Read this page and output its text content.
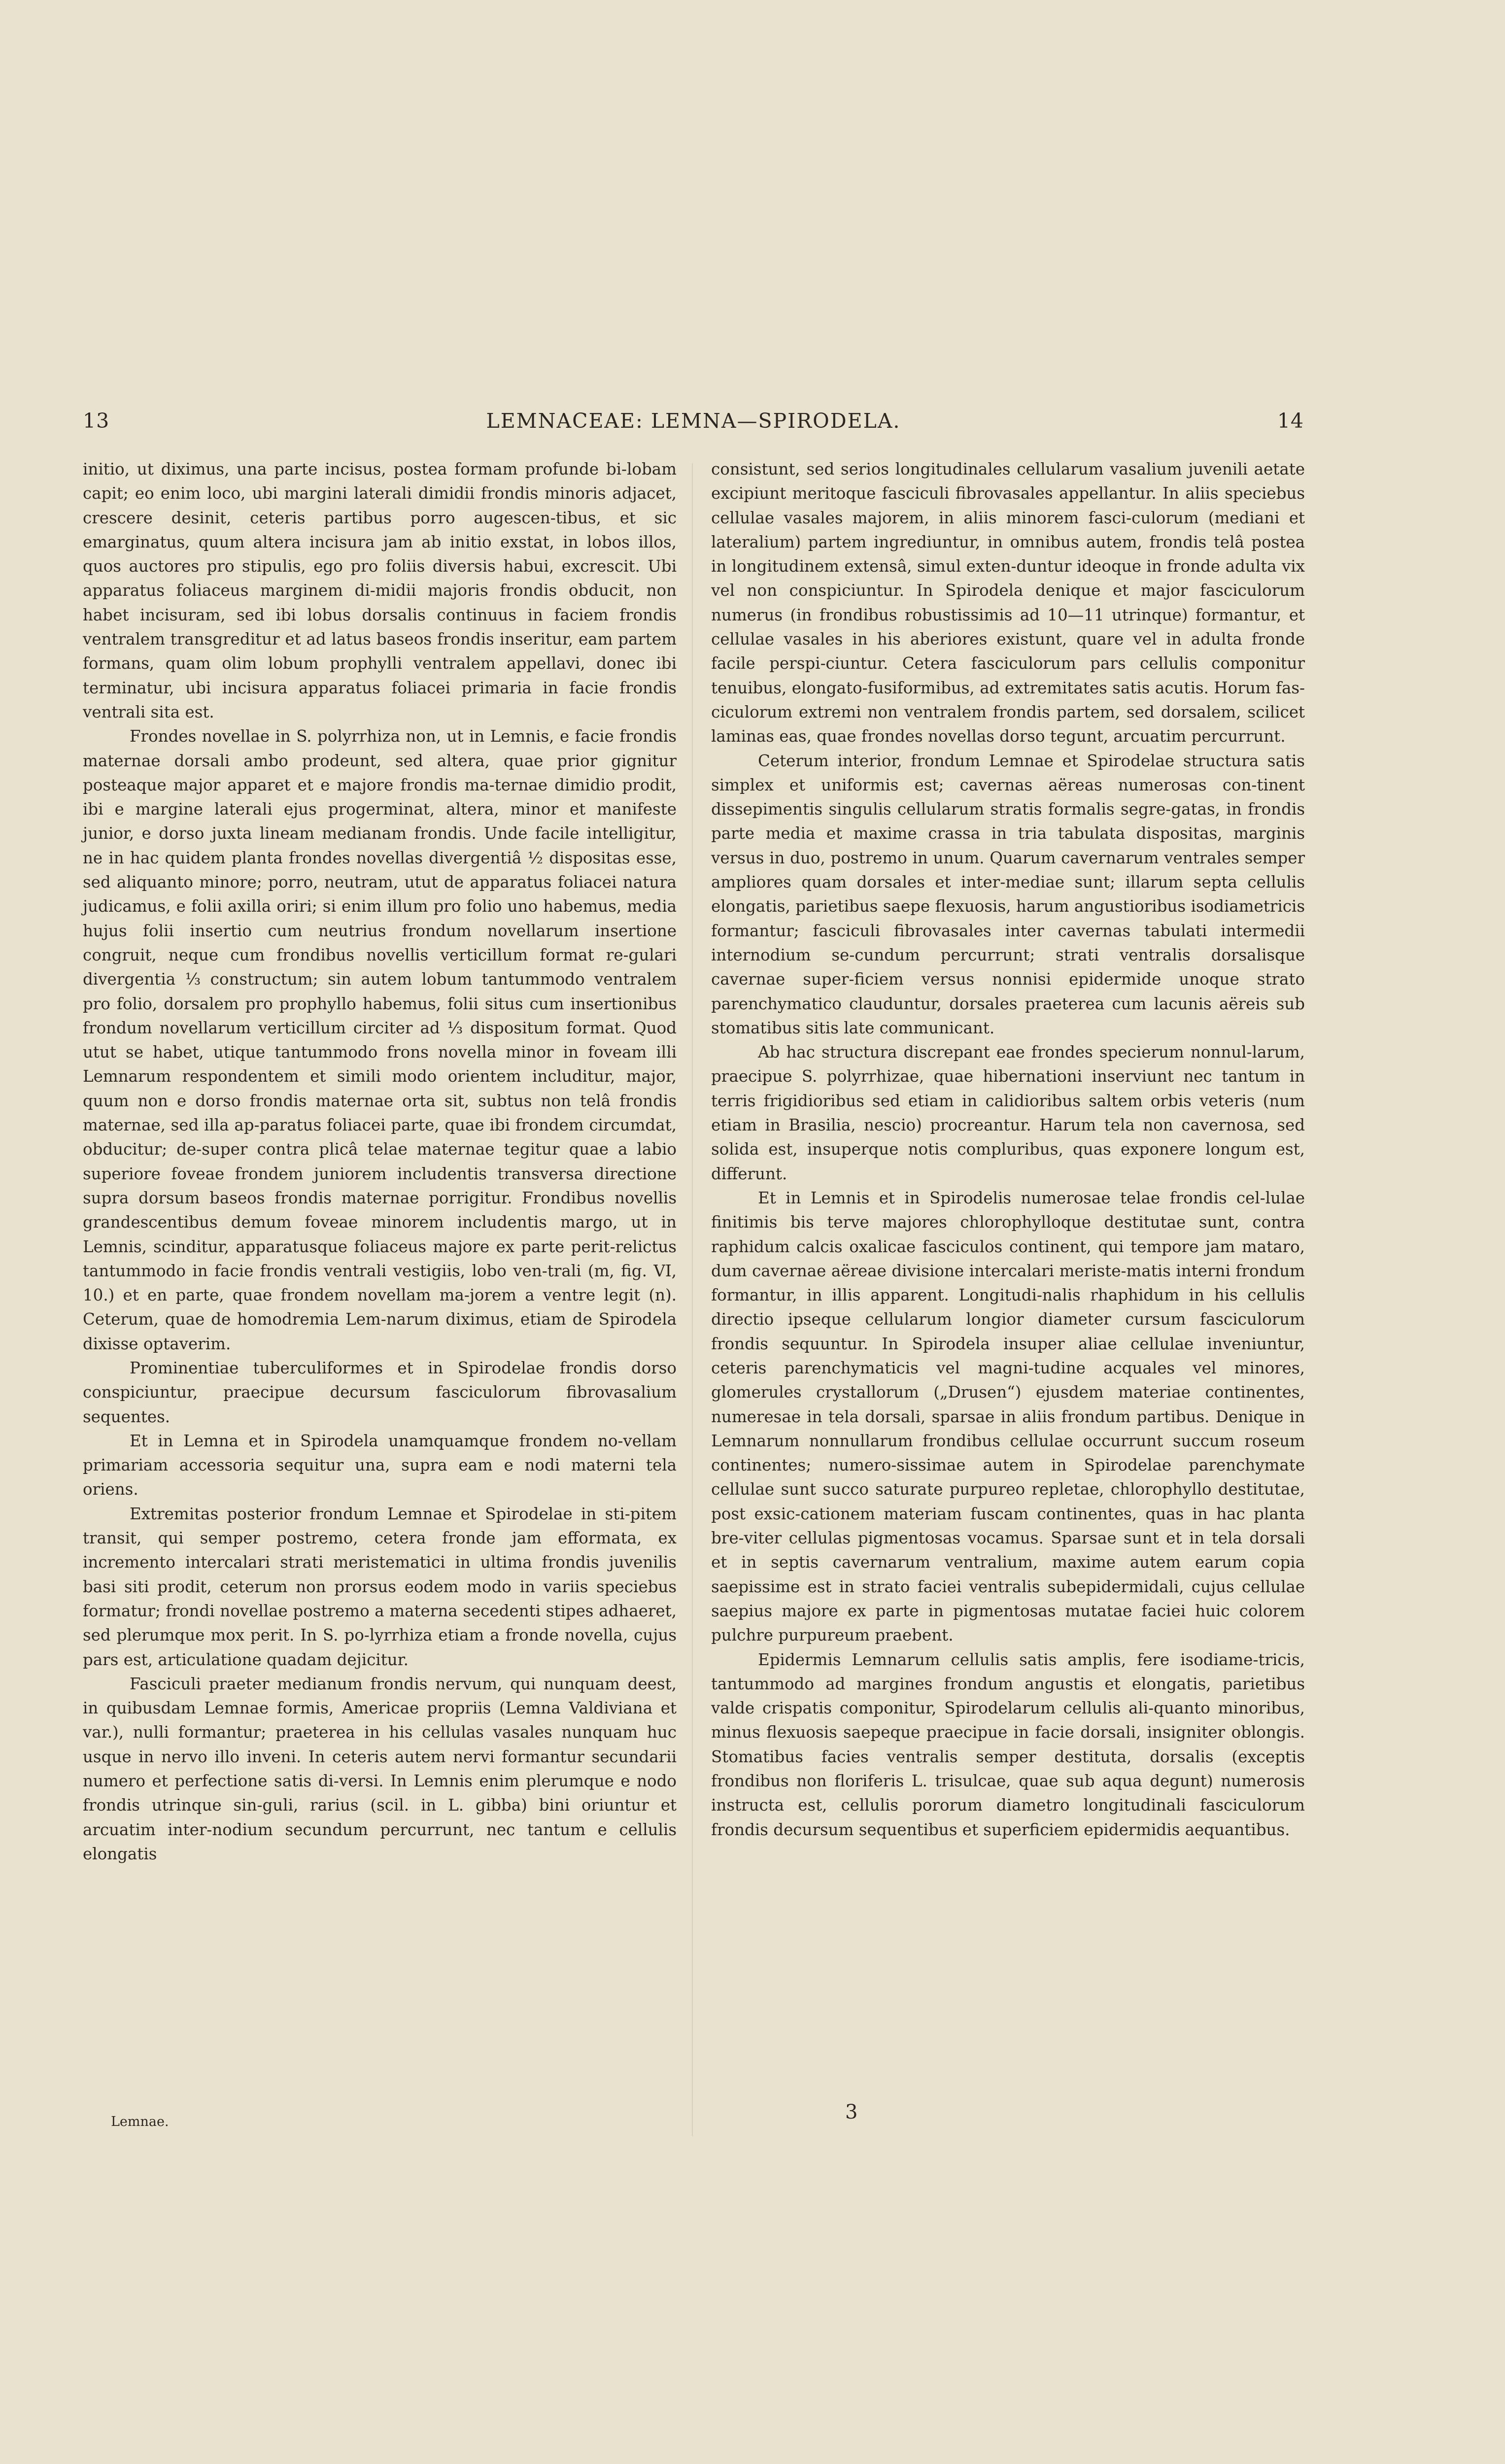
13	LEMNACEAE: LEMNA—SPIRODELA.	14

initio, ut diximus, una parte incisus, postea formam profunde bi-lobam capit; eo enim loco, ubi margini laterali dimidii frondis minoris adjacet, crescere desinit, ceteris partibus porro augescen-tibus, et sic emarginatus, quum altera incisura jam ab initio exstat, in lobos illos, quos auctores pro stipulis, ego pro foliis diversis habui, excrescit. Ubi apparatus foliaceus marginem di-midii majoris frondis obducit, non habet incisuram, sed ibi lobus dorsalis continuus in faciem frondis ventralem transgreditur et ad latus baseos frondis inseritur, eam partem formans, quam olim lobum prophylli ventralem appellavi, donec ibi terminatur, ubi incisura apparatus foliacei primaria in facie frondis ventrali sita est.

Frondes novellae in S. polyrrhiza non, ut in Lemnis, e facie frondis maternae dorsali ambo prodeunt, sed altera, quae prior gignitur posteaque major apparet et e majore frondis ma-ternae dimidio prodit, ibi e margine laterali ejus progerminat, altera, minor et manifeste junior, e dorso juxta lineam medianam frondis. Unde facile intelligitur, ne in hac quidem planta frondes novellas divergentiâ ½ dispositas esse, sed aliquanto minore; porro, neutram, utut de apparatus foliacei natura judicamus, e folii axilla oriri; si enim illum pro folio uno habemus, media hujus folii insertio cum neutrius frondum novellarum insertione congruit, neque cum frondibus novellis verticillum format re-gulari divergentia ⅓ constructum; sin autem lobum tantummodo ventralem pro folio, dorsalem pro prophyllo habemus, folii situs cum insertionibus frondum novellarum verticillum circiter ad ⅓ dispositum format. Quod utut se habet, utique tantummodo frons novella minor in foveam illi Lemnarum respondentem et simili modo orientem includitur, major, quum non e dorso frondis maternae orta sit, subtus non telâ frondis maternae, sed illa ap-paratus foliacei parte, quae ibi frondem circumdat, obducitur; de-super contra plicâ telae maternae tegitur quae a labio superiore foveae frondem juniorem includentis transversa directione supra dorsum baseos frondis maternae porrigitur. Frondibus novellis grandescentibus demum foveae minorem includentis margo, ut in Lemnis, scinditur, apparatusque foliaceus majore ex parte perit-relictus tantummodo in facie frondis ventrali vestigiis, lobo ven-trali (m, fig. VI, 10.) et en parte, quae frondem novellam ma-jorem a ventre legit (n). Ceterum, quae de homodremia Lem-narum diximus, etiam de Spirodela dixisse optaverim.

Prominentiae tuberculiformes et in Spirodelae frondis dorso conspiciuntur, praecipue decursum fasciculorum fibrovasalium sequentes.

Et in Lemna et in Spirodela unamquamque frondem no-vellam primariam accessoria sequitur una, supra eam e nodi materni tela oriens.

Extremitas posterior frondum Lemnae et Spirodelae in sti-pitem transit, qui semper postremo, cetera fronde jam efformata, ex incremento intercalari strati meristematici in ultima frondis juvenilis basi siti prodit, ceterum non prorsus eodem modo in variis speciebus formatur; frondi novellae postremo a materna secedenti stipes adhaeret, sed plerumque mox perit. In S. po-lyrrhiza etiam a fronde novella, cujus pars est, articulatione quadam dejicitur.

Fasciculi praeter medianum frondis nervum, qui nunquam deest, in quibusdam Lemnae formis, Americae propriis (Lemna Valdiviana et var.), nulli formantur; praeterea in his cellulas vasales nunquam huc usque in nervo illo inveni. In ceteris autem nervi formantur secundarii numero et perfectione satis di-versi. In Lemnis enim plerumque e nodo frondis utrinque sin-guli, rarius (scil. in L. gibba) bini oriuntur et arcuatim inter-nodium secundum percurrunt, nec tantum e cellulis elongatis

consistunt, sed serios longitudinales cellularum vasalium juvenili aetate excipiunt meritoque fasciculi fibrovasales appellantur. In aliis speciebus cellulae vasales majorem, in aliis minorem fasci-culorum (mediani et lateralium) partem ingrediuntur, in omnibus autem, frondis telâ postea in longitudinem extensâ, simul exten-duntur ideoque in fronde adulta vix vel non conspiciuntur. In Spirodela denique et major fasciculorum numerus (in frondibus robustissimis ad 10—11 utrinque) formantur, et cellulae vasales in his aberiores existunt, quare vel in adulta fronde facile perspi-ciuntur. Cetera fasciculorum pars cellulis componitur tenuibus, elongato-fusiformibus, ad extremitates satis acutis. Horum fas-ciculorum extremi non ventralem frondis partem, sed dorsalem, scilicet laminas eas, quae frondes novellas dorso tegunt, arcuatim percurrunt.

Ceterum interior, frondum Lemnae et Spirodelae structura satis simplex et uniformis est; cavernas aëreas numerosas con-tinent dissepimentis singulis cellularum stratis formalis segre-gatas, in frondis parte media et maxime crassa in tria tabulata dispositas, marginis versus in duo, postremo in unum. Quarum cavernarum ventrales semper ampliores quam dorsales et inter-mediae sunt; illarum septa cellulis elongatis, parietibus saepe flexuosis, harum angustioribus isodiametricis formantur; fasciculi fibrovasales inter cavernas tabulati intermedii internodium se-cundum percurrunt; strati ventralis dorsalisque cavernae super-ficiem versus nonnisi epidermide unoque strato parenchymatico clauduntur, dorsales praeterea cum lacunis aëreis sub stomatibus sitis late communicant.

Ab hac structura discrepant eae frondes specierum nonnul-larum, praecipue S. polyrrhizae, quae hibernationi inserviunt nec tantum in terris frigidioribus sed etiam in calidioribus saltem orbis veteris (num etiam in Brasilia, nescio) procreantur. Harum tela non cavernosa, sed solida est, insuperque notis compluribus, quas exponere longum est, differunt.

Et in Lemnis et in Spirodelis numerosae telae frondis cel-lulae finitimis bis terve majores chlorophylloque destitutae sunt, contra raphidum calcis oxalicae fasciculos continent, qui tempore jam mataro, dum cavernae aëreae divisione intercalari meriste-matis interni frondum formantur, in illis apparent. Longitudi-nalis rhaphidum in his cellulis directio ipseque cellularum longior diameter cursum fasciculorum frondis sequuntur. In Spirodela insuper aliae cellulae inveniuntur, ceteris parenchymaticis vel magni-tudine acquales vel minores, glomerules crystallorum („Drusen“) ejusdem materiae continentes, numeresae in tela dorsali, sparsae in aliis frondum partibus. Denique in Lemnarum nonnullarum frondibus cellulae occurrunt succum roseum continentes; numero-sissimae autem in Spirodelae parenchymate cellulae sunt succo saturate purpureo repletae, chlorophyllo destitutae, post exsic-cationem materiam fuscam continentes, quas in hac planta bre-viter cellulas pigmentosas vocamus. Sparsae sunt et in tela dorsali et in septis cavernarum ventralium, maxime autem earum copia saepissime est in strato faciei ventralis subepidermidali, cujus cellulae saepius majore ex parte in pigmentosas mutatae faciei huic colorem pulchre purpureum praebent.

Epidermis Lemnarum cellulis satis amplis, fere isodiame-tricis, tantummodo ad margines frondum angustis et elongatis, parietibus valde crispatis componitur, Spirodelarum cellulis ali-quanto minoribus, minus flexuosis saepeque praecipue in facie dorsali, insigniter oblongis. Stomatibus facies ventralis semper destituta, dorsalis (exceptis frondibus non floriferis L. trisulcae, quae sub aqua degunt) numerosis instructa est, cellulis pororum diametro longitudinali fasciculorum frondis decursum sequentibus et superficiem epidermidis aequantibus.

Lemnae.	3
